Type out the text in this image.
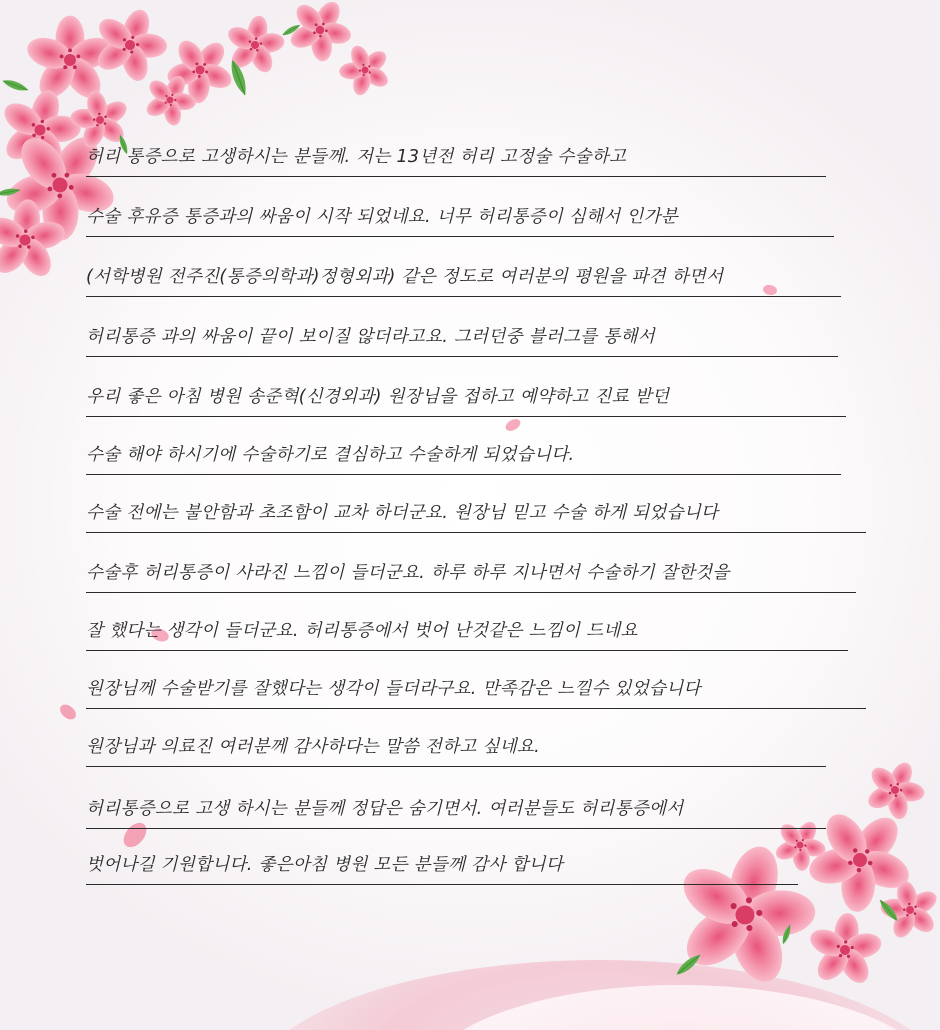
허리 통증으로 고생하시는 분들께. 저는 13년전 허리 고정술 수술하고
수술 후유증 통증과의 싸움이 시작 되었네요. 너무 허리통증이 심해서 인가분
(서학병원 전주진(통증의학과)정형외과) 같은 정도로 여러분의 평원을 파견 하면서
허리통증 과의 싸움이 끝이 보이질 않더라고요. 그러던중 블러그를 통해서
우리 좋은 아침 병원 송준혁(신경외과) 원장님을 접하고 예약하고 진료 받던
수술 해야 하시기에 수술하기로 결심하고 수술하게 되었습니다.
수술 전에는 불안함과 초조함이 교차 하더군요. 원장님 믿고 수술 하게 되었습니다
수술후 허리통증이 사라진 느낌이 들더군요. 하루 하루 지나면서 수술하기 잘한것을
잘 했다는 생각이 들더군요. 허리통증에서 벗어 난것같은 느낌이 드네요
원장님께 수술받기를 잘했다는 생각이 들더라구요. 만족감은 느낄수 있었습니다
원장님과 의료진 여러분께 감사하다는 말씀 전하고 싶네요.
허리통증으로 고생 하시는 분들께 정답은 숨기면서. 여러분들도 허리통증에서
벗어나길 기원합니다. 좋은아침 병원 모든 분들께 감사 합니다
